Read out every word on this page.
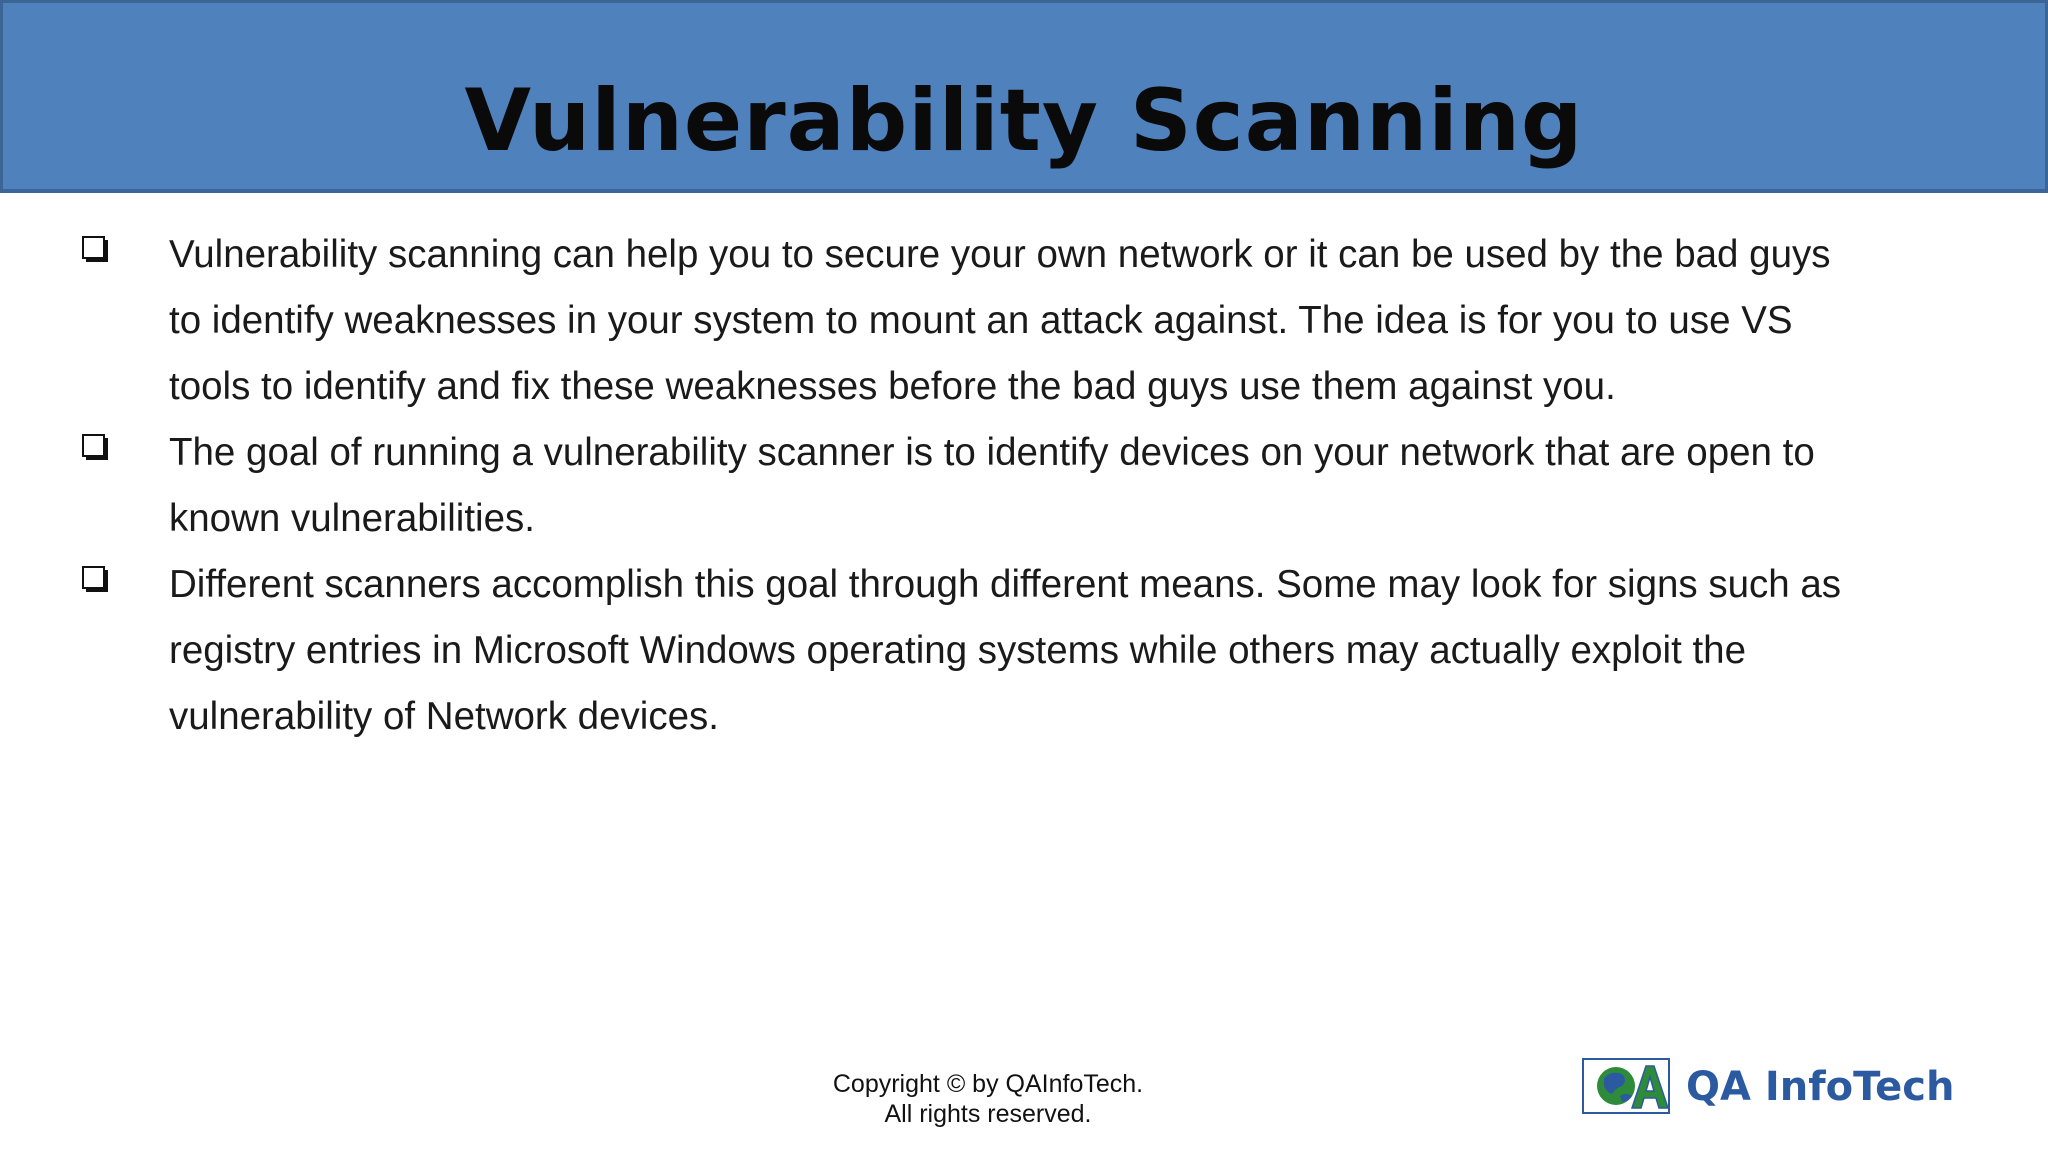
Vulnerability Scanning
Vulnerability scanning can help you to secure your own network or it can be used by the bad guys to identify weaknesses in your system to mount an attack against. The idea is for you to use VS tools to identify and fix these weaknesses before the bad guys use them against you.
The goal of running a vulnerability scanner is to identify devices on your network that are open to known vulnerabilities.
Different scanners accomplish this goal through different means. Some may look for signs such as registry entries in Microsoft Windows operating systems while others may actually exploit the vulnerability of Network devices.
Copyright © by QAInfoTech.
All rights reserved.
QA InfoTech
